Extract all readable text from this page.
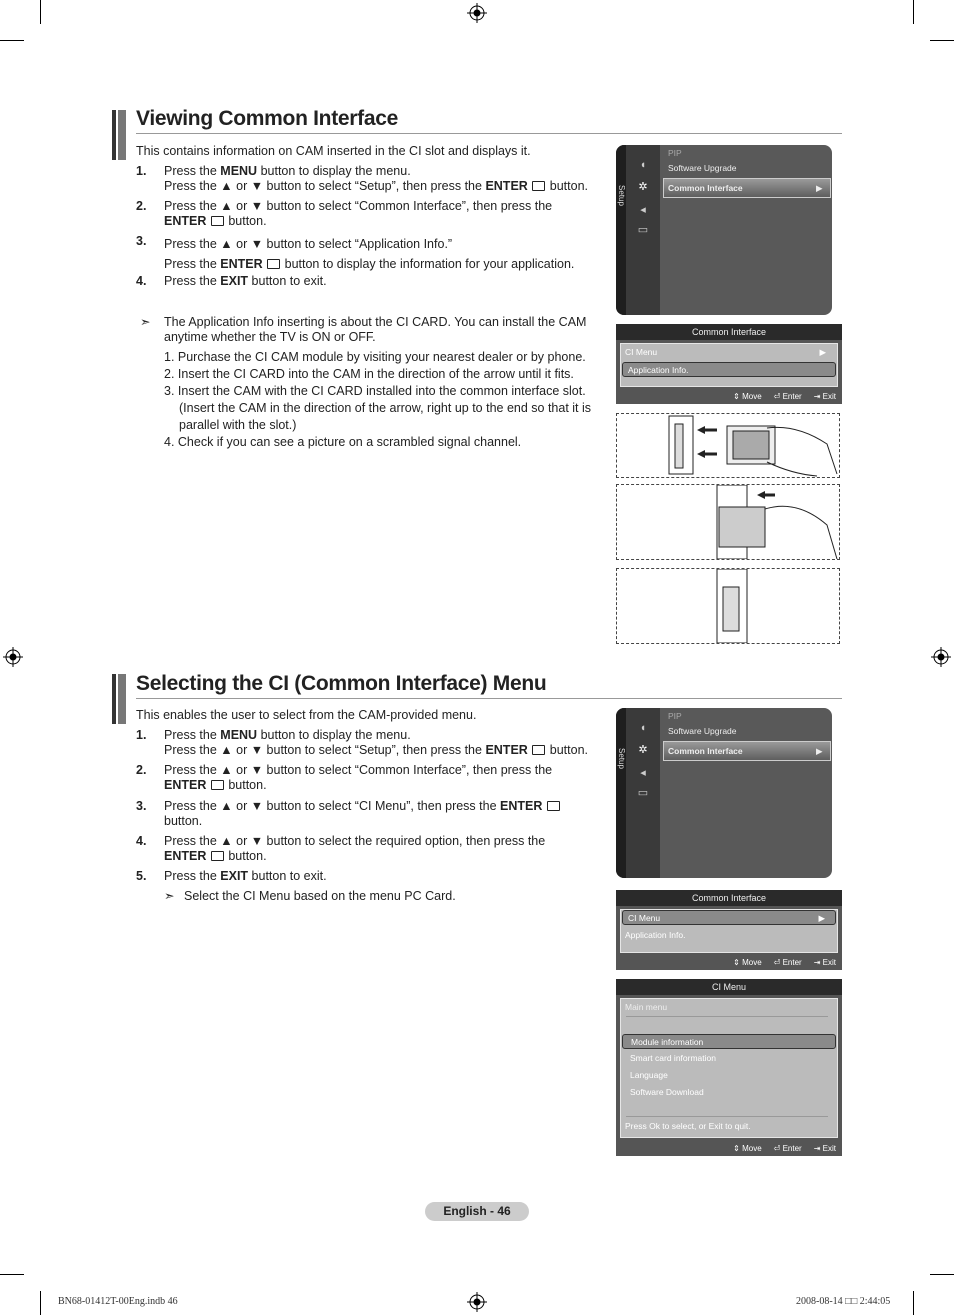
Viewing Common Interface
This contains information on CAM inserted in the CI slot and displays it.
1. Press the MENU button to display the menu.
Press the ▲ or ▼ button to select “Setup”, then press the ENTER  button.
2. Press the ▲ or ▼ button to select “Common Interface”, then press the
ENTER  button.
3. Press the ▲ or ▼ button to select “Application Info.”
Press the ENTER  button to display the information for your application.
4. Press the EXIT button to exit.
➣ The Application Info inserting is about the CI CARD. You can install the CAM
anytime whether the TV is ON or OFF.
1. Purchase the CI CAM module by visiting your nearest dealer or by phone.
2. Insert the CI CARD into the CAM in the direction of the arrow until it fits.
3. Insert the CAM with the CI CARD installed into the common interface slot.
(Insert the CAM in the direction of the arrow, right up to the end so that it is
parallel with the slot.)
4. Check if you can see a picture on a scrambled signal channel.
Setup
◖
✲
◂
▭
PIP
Software Upgrade
Common Interface	▶
Common Interface
CI Menu	▶
Application Info.
⇕ Move ⏎ Enter ⇥ Exit
Selecting the CI (Common Interface) Menu
This enables the user to select from the CAM-provided menu.
1. Press the MENU button to display the menu.
Press the ▲ or ▼ button to select “Setup”, then press the ENTER  button.
2. Press the ▲ or ▼ button to select “Common Interface”, then press the
ENTER  button.
3. Press the ▲ or ▼ button to select “CI Menu”, then press the ENTER
button.
4. Press the ▲ or ▼ button to select the required option, then press the
ENTER  button.
5. Press the EXIT button to exit.
➣ Select the CI Menu based on the menu PC Card.
Setup
◖
✲
◂
▭
PIP
Software Upgrade
Common Interface	▶
Common Interface
CI Menu	▶
Application Info.
⇕ Move ⏎ Enter ⇥ Exit
CI Menu
Main menu
Module information
Smart card information
Language
Software Download
Press Ok to select, or Exit to quit.
⇕ Move ⏎ Enter ⇥ Exit
English - 46
BN68-01412T-00Eng.indb 46	2008-08-14 □□ 2:44:05
